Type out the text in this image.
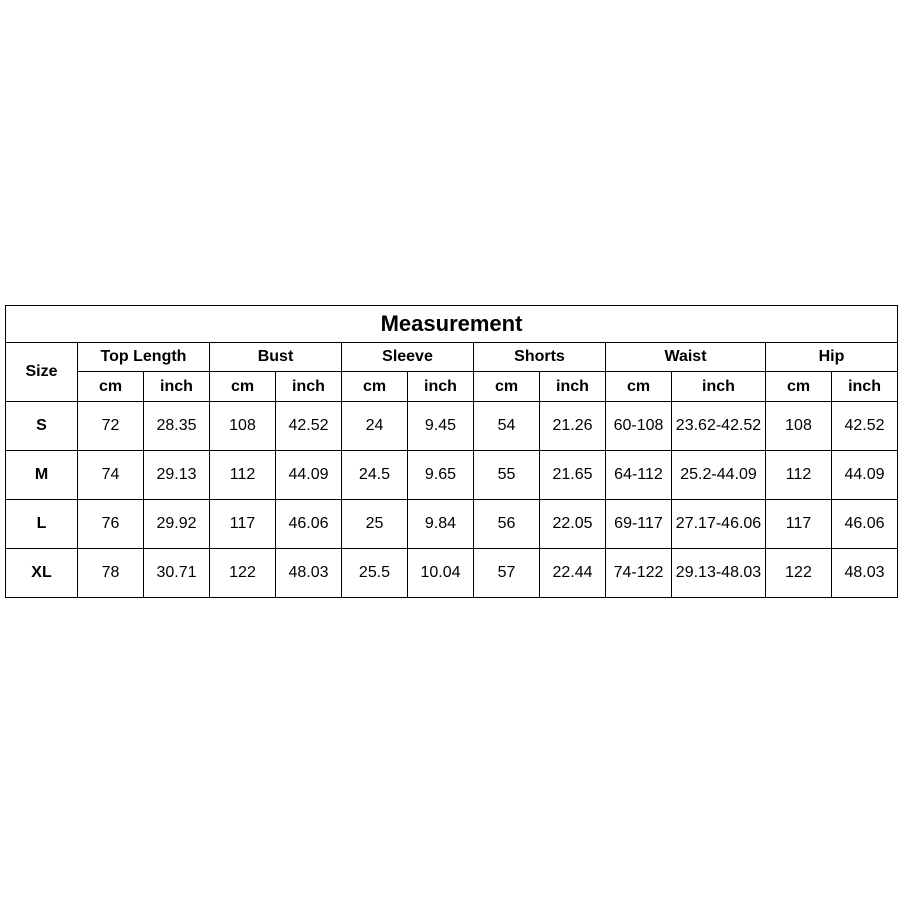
Measurement												
Size	Top Length		Bust		Sleeve		Shorts		Waist		Hip	
	cm	inch	cm	inch	cm	inch	cm	inch	cm	inch	cm	inch
S	72	28.35	108	42.52	24	9.45	54	21.26	60-108	23.62-42.52	108	42.52
M	74	29.13	112	44.09	24.5	9.65	55	21.65	64-112	25.2-44.09	112	44.09
L	76	29.92	117	46.06	25	9.84	56	22.05	69-117	27.17-46.06	117	46.06
XL	78	30.71	122	48.03	25.5	10.04	57	22.44	74-122	29.13-48.03	122	48.03
